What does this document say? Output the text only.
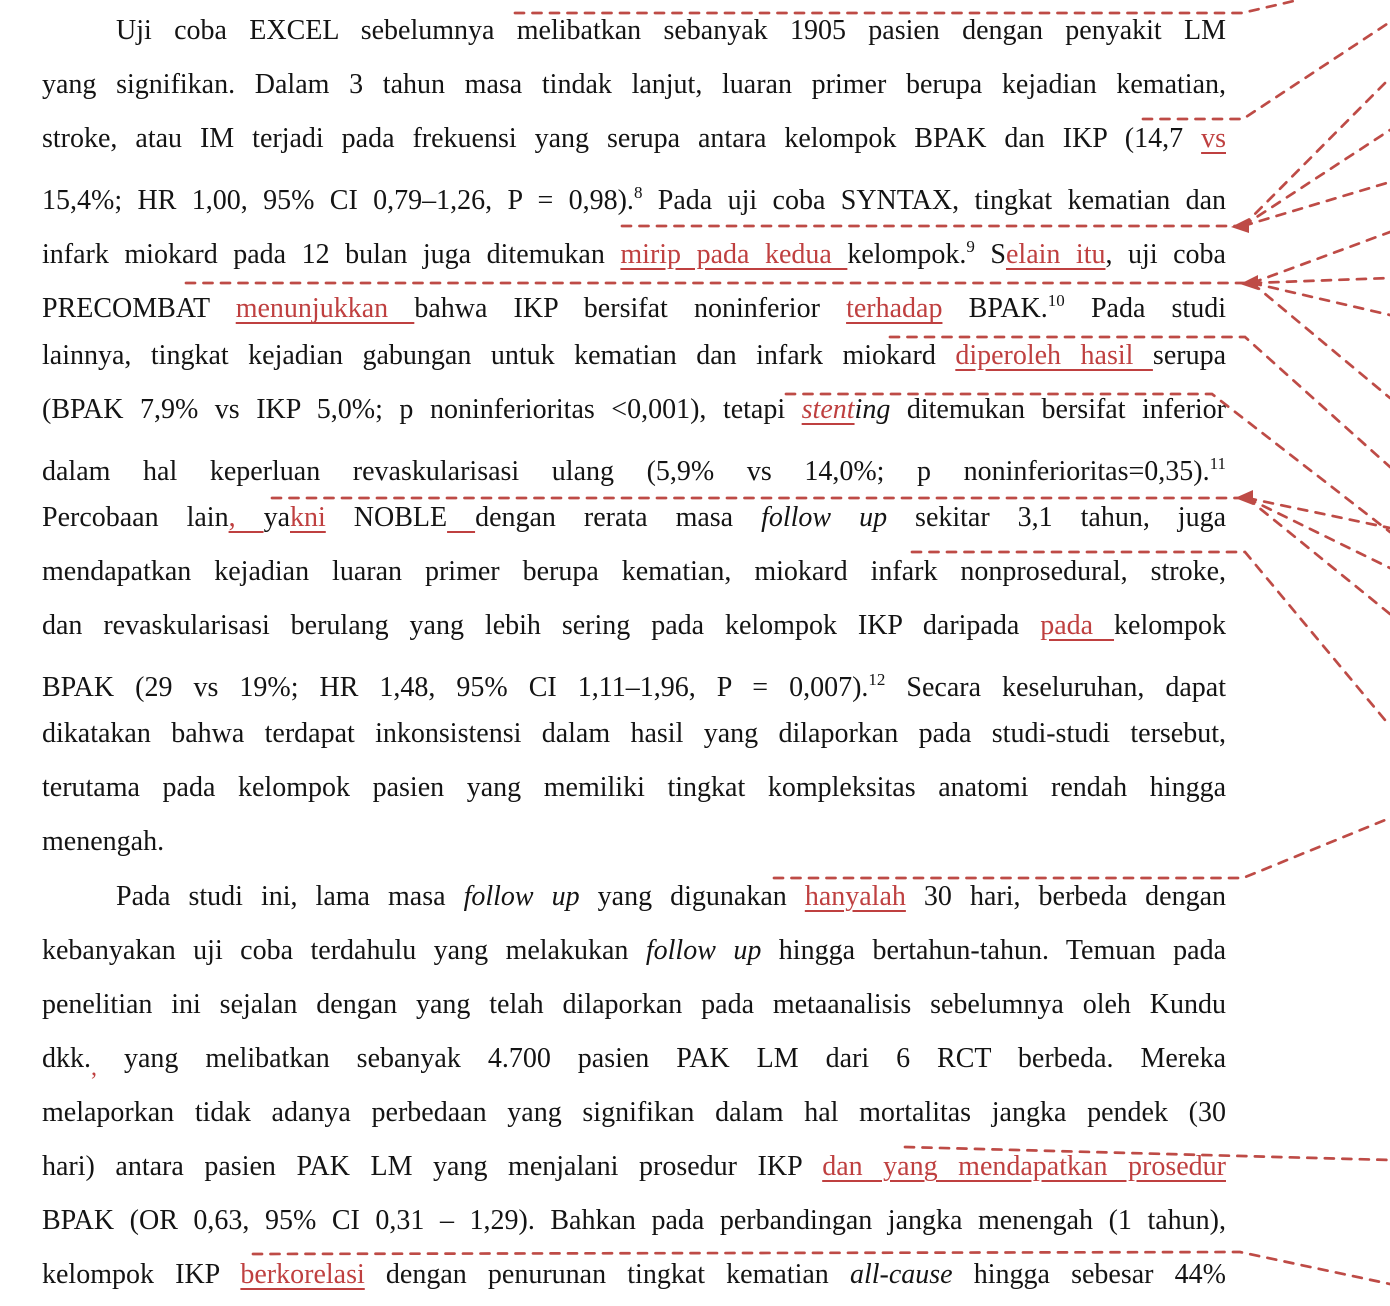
Uji coba EXCEL sebelumnya melibatkan sebanyak 1905 pasien dengan penyakit LM
yang signifikan. Dalam 3 tahun masa tindak lanjut, luaran primer berupa kejadian kematian,
stroke, atau IM terjadi pada frekuensi yang serupa antara kelompok BPAK dan IKP (14,7 vs
15,4%; HR 1,00, 95% CI 0,79–1,26, P = 0,98).$^8$ Pada uji coba SYNTAX, tingkat kematian dan
infark miokard pada 12 bulan juga ditemukan mirip pada kedua kelompok.$^9$ Selain itu, uji coba
PRECOMBAT menunjukkan bahwa IKP bersifat noninferior terhadap BPAK.$^{10}$ Pada studi
lainnya, tingkat kejadian gabungan untuk kematian dan infark miokard diperoleh hasil serupa
(BPAK 7,9% vs IKP 5,0%; p noninferioritas <0,001), tetapi stenting ditemukan bersifat inferior
dalam hal keperluan revaskularisasi ulang (5,9% vs 14,0%; p noninferioritas=0,35).$^{11}$
Percobaan lain, yakni NOBLE dengan rerata masa follow up sekitar 3,1 tahun, juga
mendapatkan kejadian luaran primer berupa kematian, miokard infark nonprosedural, stroke,
dan revaskularisasi berulang yang lebih sering pada kelompok IKP daripada pada kelompok
BPAK (29 vs 19%; HR 1,48, 95% CI 1,11–1,96, P = 0,007).$^{12}$ Secara keseluruhan, dapat
dikatakan bahwa terdapat inkonsistensi dalam hasil yang dilaporkan pada studi-studi tersebut,
terutama pada kelompok pasien yang memiliki tingkat kompleksitas anatomi rendah hingga
menengah.
Pada studi ini, lama masa follow up yang digunakan hanyalah 30 hari, berbeda dengan
kebanyakan uji coba terdahulu yang melakukan follow up hingga bertahun-tahun. Temuan pada
penelitian ini sejalan dengan yang telah dilaporkan pada metaanalisis sebelumnya oleh Kundu
dkk., yang melibatkan sebanyak 4.700 pasien PAK LM dari 6 RCT berbeda. Mereka
melaporkan tidak adanya perbedaan yang signifikan dalam hal mortalitas jangka pendek (30
hari) antara pasien PAK LM yang menjalani prosedur IKP dan yang mendapatkan prosedur
BPAK (OR 0,63, 95% CI 0,31 – 1,29). Bahkan pada perbandingan jangka menengah (1 tahun),
kelompok IKP berkorelasi dengan penurunan tingkat kematian all-cause hingga sebesar 44%
